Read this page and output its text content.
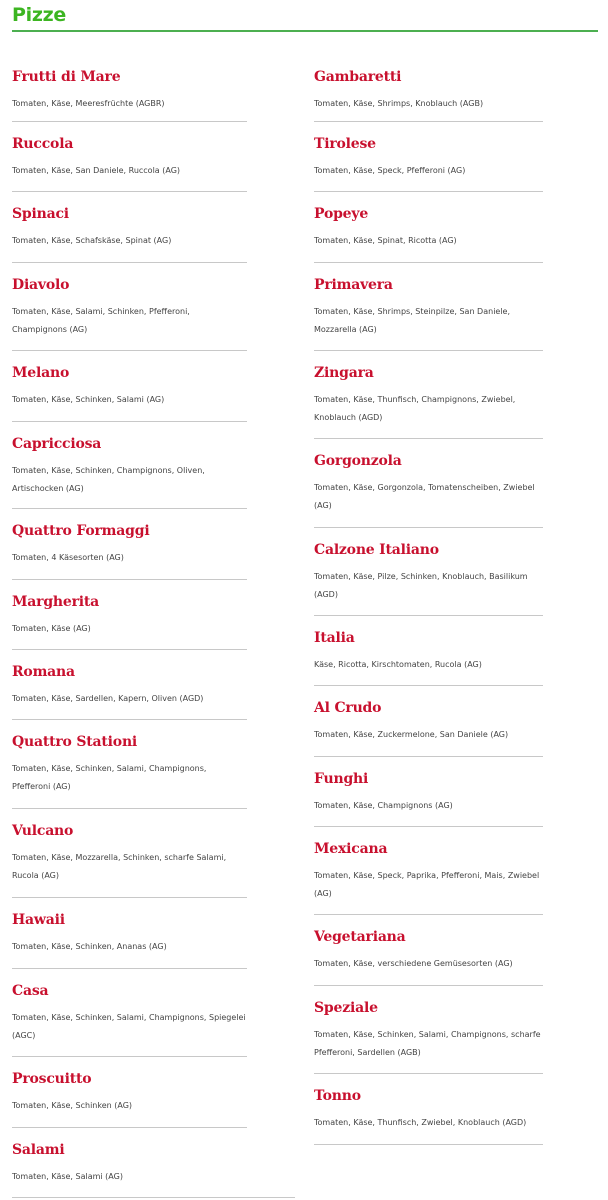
Pizze
Frutti di Mare
Tomaten, Käse, Meeresfrüchte (AGBR)
Ruccola
Tomaten, Käse, San Daniele, Ruccola (AG)
Spinaci
Tomaten, Käse, Schafskäse, Spinat (AG)
Diavolo
Tomaten, Käse, Salami, Schinken, Pfefferoni, Champignons (AG)
Melano
Tomaten, Käse, Schinken, Salami (AG)
Capricciosa
Tomaten, Käse, Schinken, Champignons, Oliven, Artischocken (AG)
Quattro Formaggi
Tomaten, 4 Käsesorten (AG)
Margherita
Tomaten, Käse (AG)
Romana
Tomaten, Käse, Sardellen, Kapern, Oliven (AGD)
Quattro Stationi
Tomaten, Käse, Schinken, Salami, Champignons, Pfefferoni (AG)
Vulcano
Tomaten, Käse, Mozzarella, Schinken, scharfe Salami, Rucola (AG)
Hawaii
Tomaten, Käse, Schinken, Ananas (AG)
Casa
Tomaten, Käse, Schinken, Salami, Champignons, Spiegelei (AGC)
Proscuitto
Tomaten, Käse, Schinken (AG)
Salami
Tomaten, Käse, Salami (AG)
Gambaretti
Tomaten, Käse, Shrimps, Knoblauch (AGB)
Tirolese
Tomaten, Käse, Speck, Pfefferoni (AG)
Popeye
Tomaten, Käse, Spinat, Ricotta (AG)
Primavera
Tomaten, Käse, Shrimps, Steinpilze, San Daniele, Mozzarella (AG)
Zingara
Tomaten, Käse, Thunfisch, Champignons, Zwiebel, Knoblauch (AGD)
Gorgonzola
Tomaten, Käse, Gorgonzola, Tomatenscheiben, Zwiebel (AG)
Calzone Italiano
Tomaten, Käse, Pilze, Schinken, Knoblauch, Basilikum (AGD)
Italia
Käse, Ricotta, Kirschtomaten, Rucola (AG)
Al Crudo
Tomaten, Käse, Zuckermelone, San Daniele (AG)
Funghi
Tomaten, Käse, Champignons (AG)
Mexicana
Tomaten, Käse, Speck, Paprika, Pfefferoni, Mais, Zwiebel (AG)
Vegetariana
Tomaten, Käse, verschiedene Gemüsesorten (AG)
Speziale
Tomaten, Käse, Schinken, Salami, Champignons, scharfe Pfefferoni, Sardellen (AGB)
Tonno
Tomaten, Käse, Thunfisch, Zwiebel, Knoblauch (AGD)
